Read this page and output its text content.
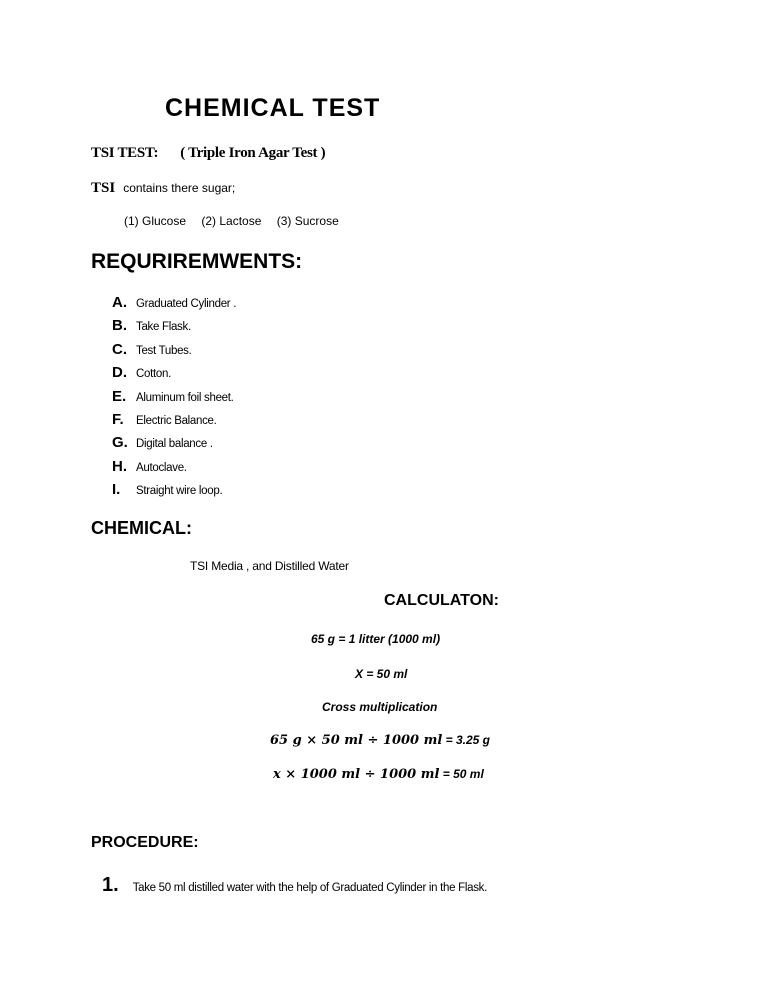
CHEMICAL TEST
TSI TEST: ( Triple Iron Agar Test )
TSI contains there sugar;
(1) Glucose (2) Lactose (3) Sucrose
REQURIREMWENTS:
A. Graduated Cylinder .
B. Take Flask.
C. Test Tubes.
D. Cotton.
E. Aluminum foil sheet.
F.	Electric Balance.
G. Digital balance .
H. Autoclave.
I.	Straight wire loop.
CHEMICAL:
TSI Media , and Distilled Water
CALCULATON:
65 g = 1 litter (1000 ml)
X = 50 ml
Cross multiplication
65 g × 50 ml ÷ 1000 ml = 3.25 g
x × 1000 ml ÷ 1000 ml = 50 ml
PROCEDURE:
1. Take 50 ml distilled water with the help of Graduated Cylinder in the Flask.
